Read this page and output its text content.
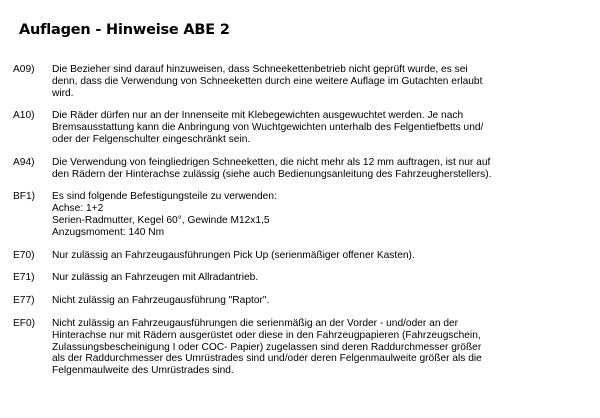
Auflagen - Hinweise ABE 2
A09)	Die Bezieher sind darauf hinzuweisen, dass Schneekettenbetrieb nicht geprüft wurde, es sei
denn, dass die Verwendung von Schneeketten durch eine weitere Auflage im Gutachten erlaubt
wird.
A10)	Die Räder dürfen nur an der Innenseite mit Klebegewichten ausgewuchtet werden. Je nach
Bremsausstattung kann die Anbringung von Wuchtgewichten unterhalb des Felgentiefbetts und/
oder der Felgenschulter eingeschränkt sein.
A94)	Die Verwendung von feingliedrigen Schneeketten, die nicht mehr als 12 mm auftragen, ist nur auf
den Rädern der Hinterachse zulässig (siehe auch Bedienungsanleitung des Fahrzeugherstellers).
BF1)	Es sind folgende Befestigungsteile zu verwenden:
Achse: 1+2
Serien-Radmutter, Kegel 60°, Gewinde M12x1,5
Anzugsmoment: 140 Nm
E70)	Nur zulässig an Fahrzeugausführungen Pick Up (serienmäßiger offener Kasten).
E71)	Nur zulässig an Fahrzeugen mit Allradantrieb.
E77)	Nicht zulässig an Fahrzeugausführung "Raptor".
EF0)	Nicht zulässig an Fahrzeugausführungen die serienmäßig an der Vorder - und/oder an der
Hinterachse nur mit Rädern ausgerüstet oder diese in den Fahrzeugpapieren (Fahrzeugschein,
Zulassungsbescheinigung I oder COC- Papier) zugelassen sind deren Raddurchmesser größer
als der Raddurchmesser des Umrüstrades sind und/oder deren Felgenmaulweite größer als die
Felgenmaulweite des Umrüstrades sind.
